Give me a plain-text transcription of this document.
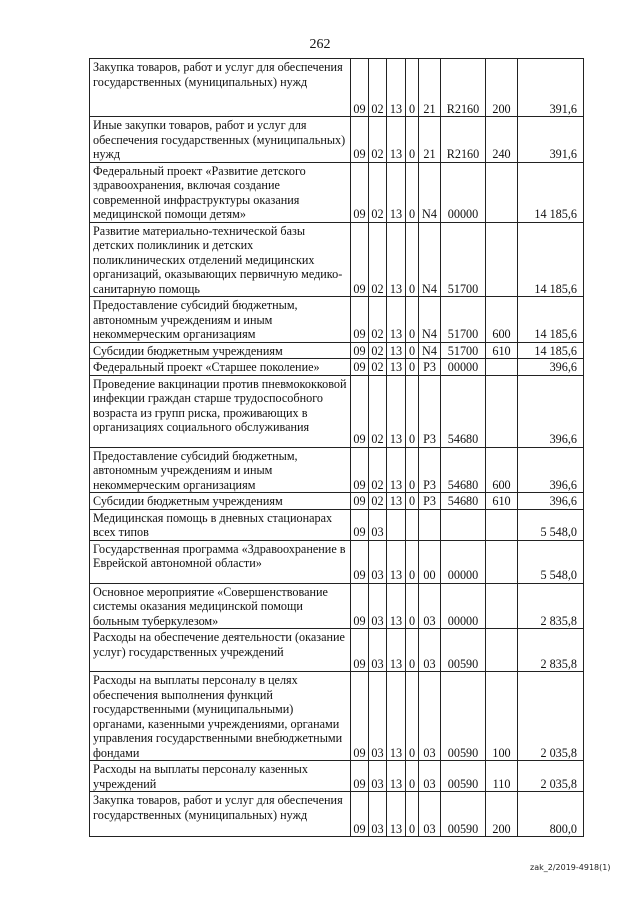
262
Закупка товаров, работ и услуг для обеспечения государственных (муниципальных) нужд	09	02	13	0	21	R2160	200	391,6
Иные закупки товаров, работ и услуг для обеспечения государственных (муниципальных) нужд	09	02	13	0	21	R2160	240	391,6
Федеральный проект «Развитие детского здравоохранения, включая создание современной инфраструктуры оказания медицинской помощи детям»	09	02	13	0	N4	00000		14 185,6
Развитие материально-технической базы детских поликлиник и детских поликлинических отделений медицинских организаций, оказывающих первичную медико-санитарную помощь	09	02	13	0	N4	51700		14 185,6
Предоставление субсидий бюджетным, автономным учреждениям и иным некоммерческим организациям	09	02	13	0	N4	51700	600	14 185,6
Субсидии бюджетным учреждениям	09	02	13	0	N4	51700	610	14 185,6
Федеральный проект «Старшее поколение»	09	02	13	0	P3	00000		396,6
Проведение вакцинации против пневмококковой инфекции граждан старше трудоспособного возраста из групп риска, проживающих в организациях социального обслуживания	09	02	13	0	P3	54680		396,6
Предоставление субсидий бюджетным, автономным учреждениям и иным некоммерческим организациям	09	02	13	0	P3	54680	600	396,6
Субсидии бюджетным учреждениям	09	02	13	0	P3	54680	610	396,6
Медицинская помощь в дневных стационарах всех типов	09	03						5 548,0
Государственная программа «Здравоохранение в Еврейской автономной области»	09	03	13	0	00	00000		5 548,0
Основное мероприятие «Совершенствование системы оказания медицинской помощи больным туберкулезом»	09	03	13	0	03	00000		2 835,8
Расходы на обеспечение деятельности (оказание услуг) государственных учреждений	09	03	13	0	03	00590		2 835,8
Расходы на выплаты персоналу в целях обеспечения выполнения функций государственными (муниципальными) органами, казенными учреждениями, органами управления государственными внебюджетными фондами	09	03	13	0	03	00590	100	2 035,8
Расходы на выплаты персоналу казенных учреждений	09	03	13	0	03	00590	110	2 035,8
Закупка товаров, работ и услуг для обеспечения государственных (муниципальных) нужд	09	03	13	0	03	00590	200	800,0
zak_2/2019-4918(1)
